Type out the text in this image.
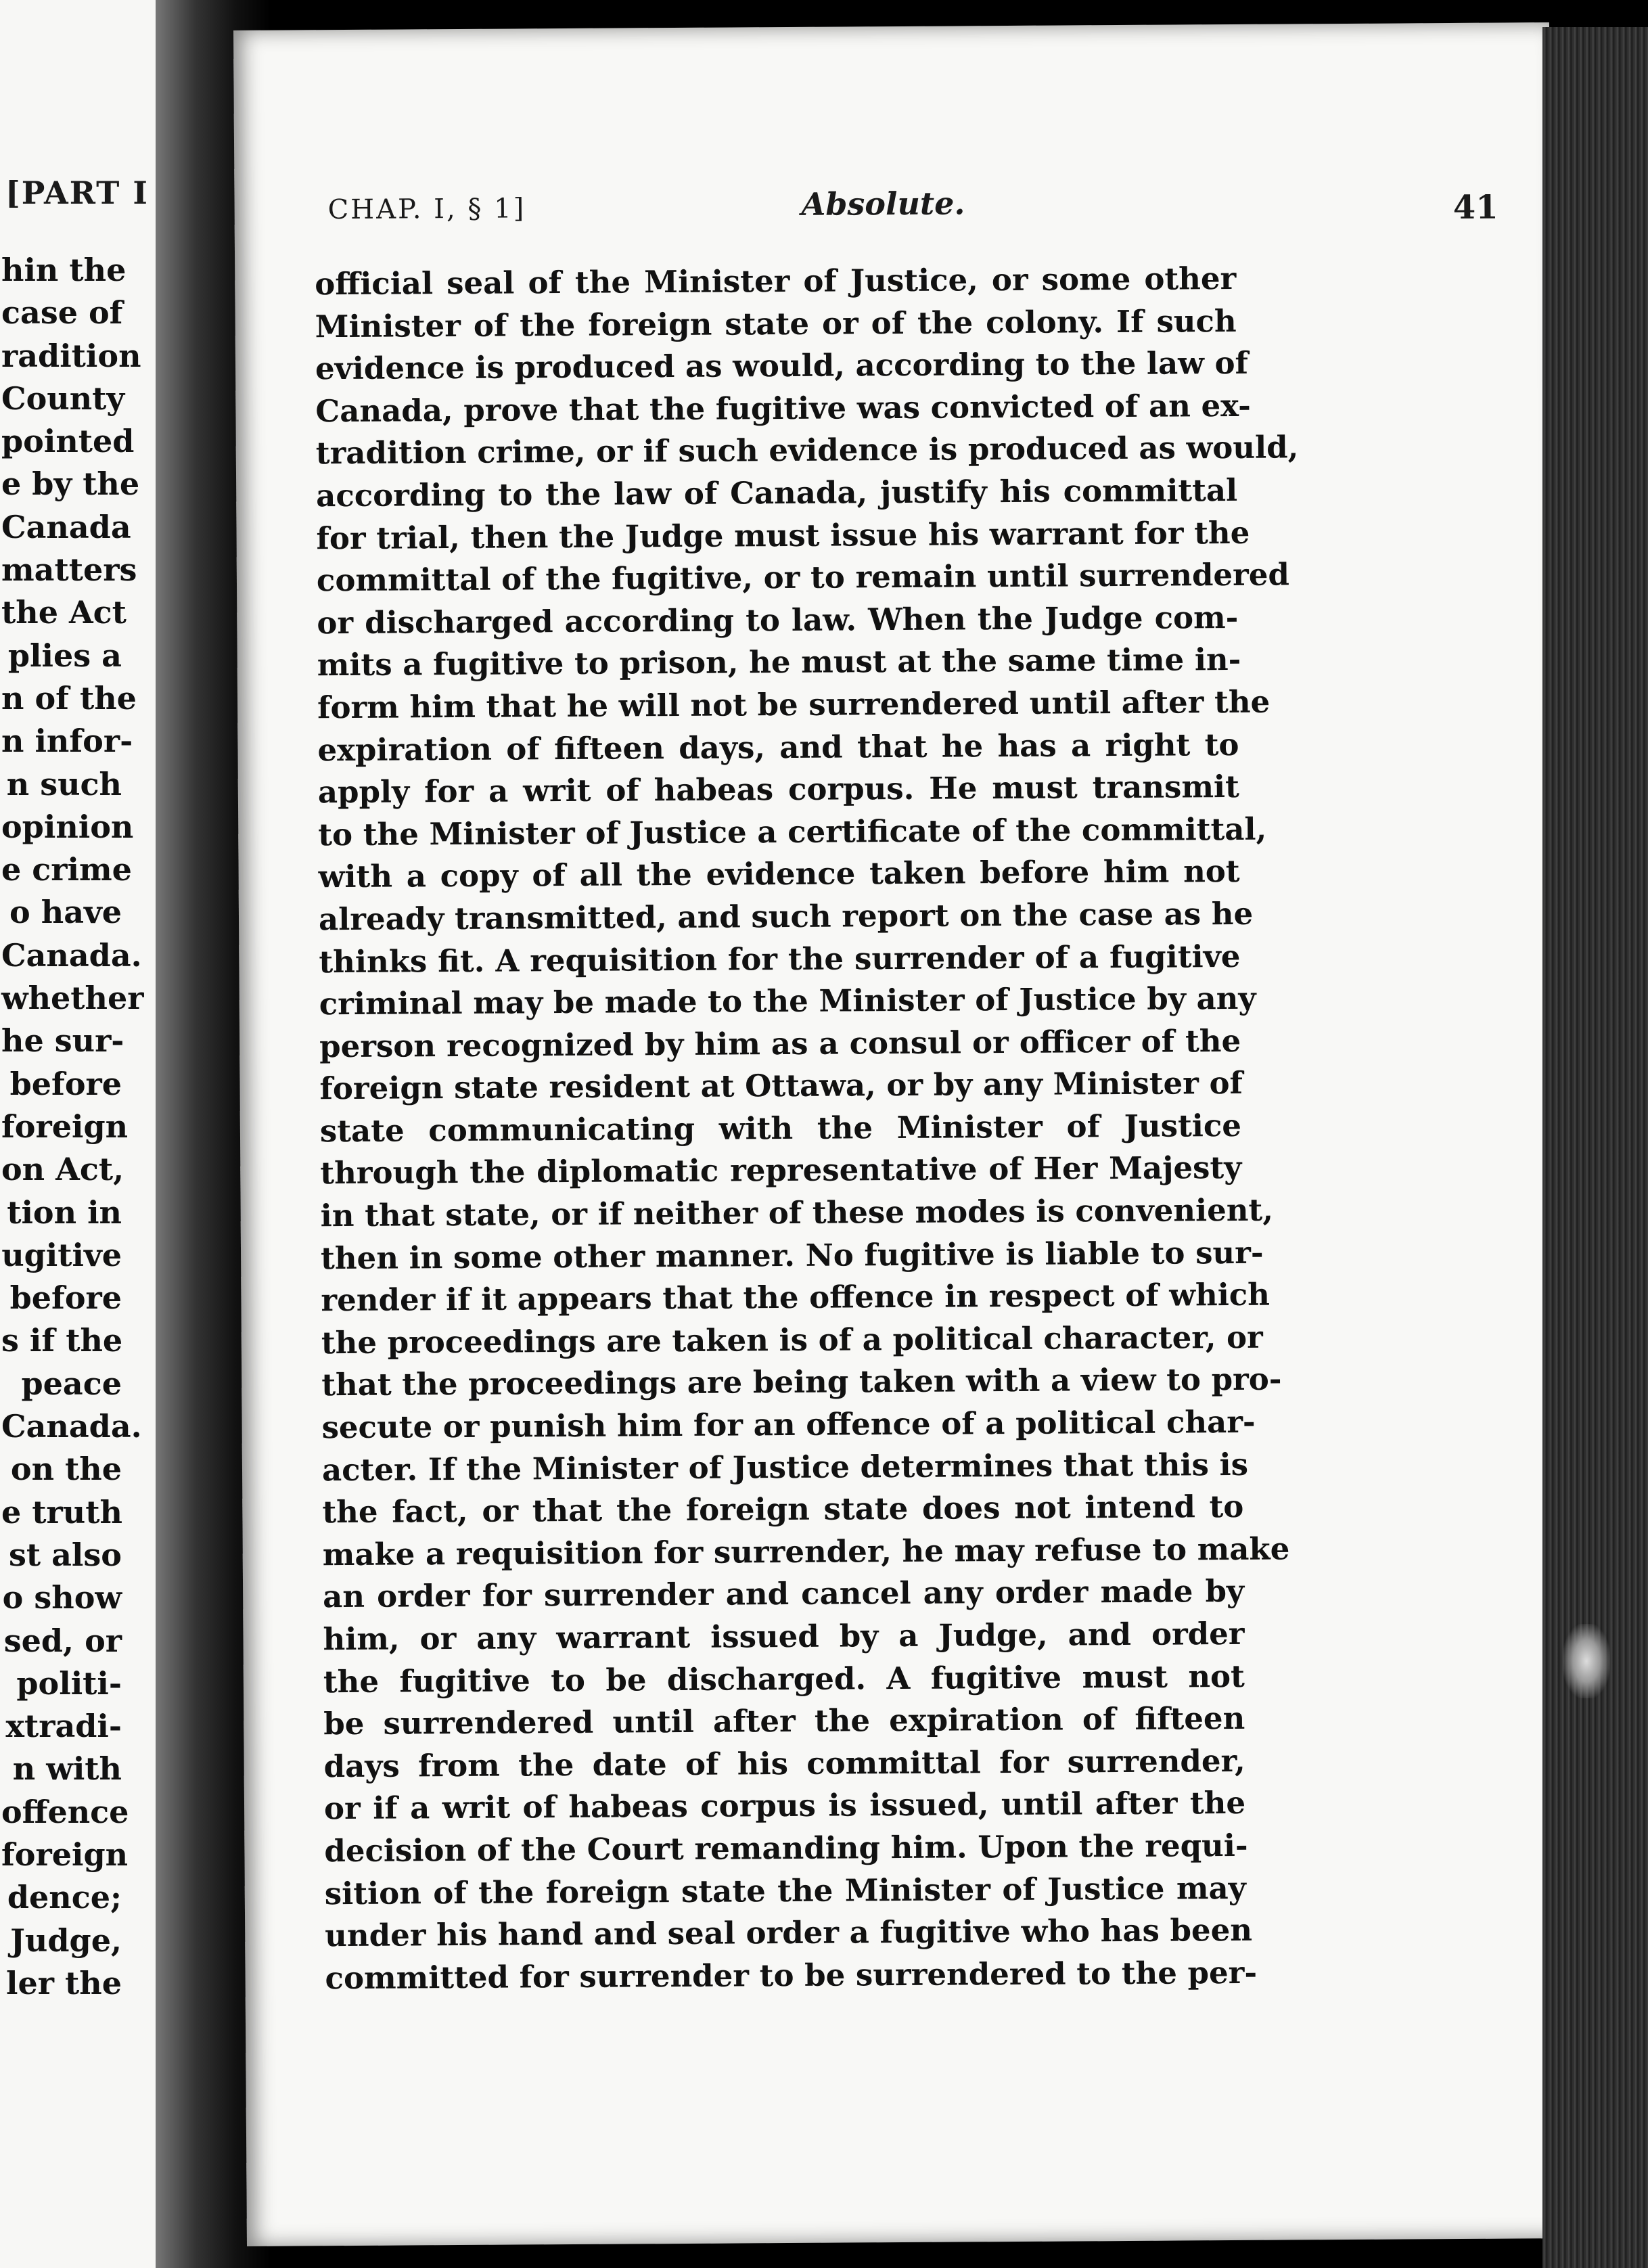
[PART I
hin the
case of
radition
County
pointed
e by the
Canada
matters
the Act
plies a
n of the
n infor-
n such
opinion
e crime
o have
Canada.
whether
he sur-
before
foreign
on Act,
tion in
ugitive
before
s if the
peace
Canada.
on the
e truth
st also
o show
sed, or
politi-
xtradi-
n with
offence
foreign
dence;
Judge,
ler the
CHAP. I, § 1]	Absolute.	41
official seal of the Minister of Justice, or some other
Minister of the foreign state or of the colony. If such
evidence is produced as would, according to the law of
Canada, prove that the fugitive was convicted of an ex-
tradition crime, or if such evidence is produced as would,
according to the law of Canada, justify his committal
for trial, then the Judge must issue his warrant for the
committal of the fugitive, or to remain until surrendered
or discharged according to law. When the Judge com-
mits a fugitive to prison, he must at the same time in-
form him that he will not be surrendered until after the
expiration of fifteen days, and that he has a right to
apply for a writ of habeas corpus. He must transmit
to the Minister of Justice a certificate of the committal,
with a copy of all the evidence taken before him not
already transmitted, and such report on the case as he
thinks fit. A requisition for the surrender of a fugitive
criminal may be made to the Minister of Justice by any
person recognized by him as a consul or officer of the
foreign state resident at Ottawa, or by any Minister of
state communicating with the Minister of Justice
through the diplomatic representative of Her Majesty
in that state, or if neither of these modes is convenient,
then in some other manner. No fugitive is liable to sur-
render if it appears that the offence in respect of which
the proceedings are taken is of a political character, or
that the proceedings are being taken with a view to pro-
secute or punish him for an offence of a political char-
acter. If the Minister of Justice determines that this is
the fact, or that the foreign state does not intend to
make a requisition for surrender, he may refuse to make
an order for surrender and cancel any order made by
him, or any warrant issued by a Judge, and order
the fugitive to be discharged. A fugitive must not
be surrendered until after the expiration of fifteen
days from the date of his committal for surrender,
or if a writ of habeas corpus is issued, until after the
decision of the Court remanding him. Upon the requi-
sition of the foreign state the Minister of Justice may
under his hand and seal order a fugitive who has been
committed for surrender to be surrendered to the per-
